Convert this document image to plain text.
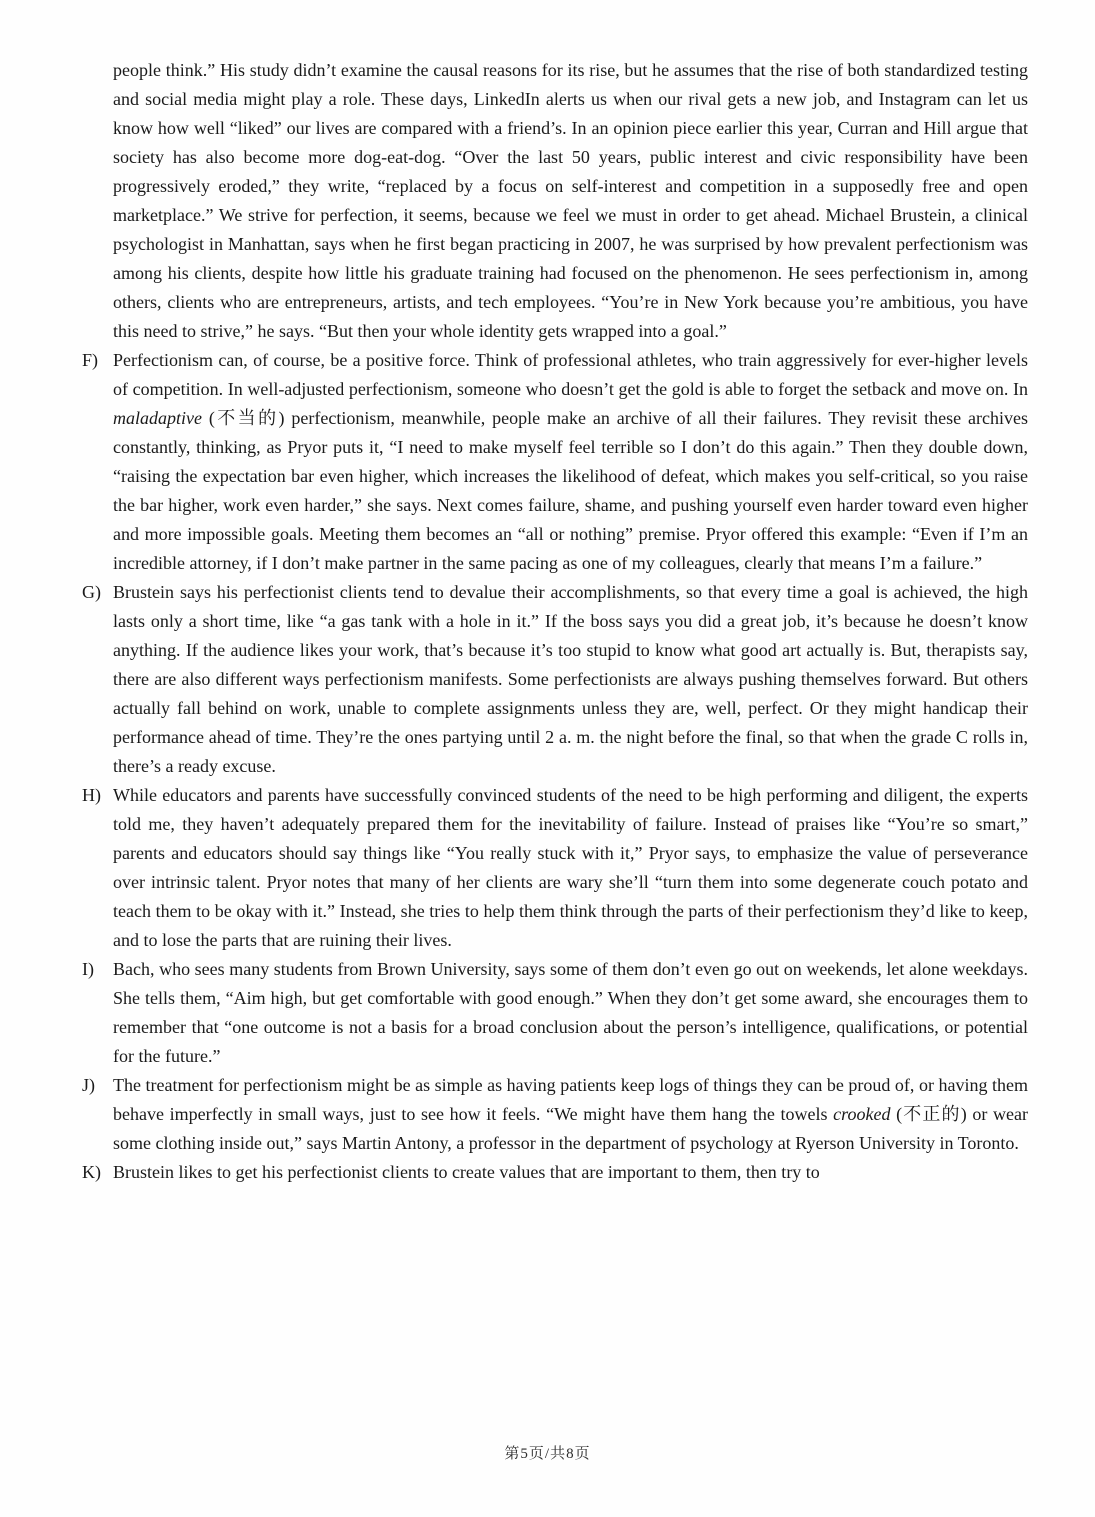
people think.” His study didn’t examine the causal reasons for its rise, but he assumes that the rise of both standardized testing and social media might play a role. These days, LinkedIn alerts us when our rival gets a new job, and Instagram can let us know how well “liked” our lives are compared with a friend’s. In an opinion piece earlier this year, Curran and Hill argue that society has also become more dog-eat-dog. “Over the last 50 years, public interest and civic responsibility have been progressively eroded,” they write, “replaced by a focus on self-interest and competition in a supposedly free and open marketplace.” We strive for perfection, it seems, because we feel we must in order to get ahead. Michael Brustein, a clinical psychologist in Manhattan, says when he first began practicing in 2007, he was surprised by how prevalent perfectionism was among his clients, despite how little his graduate training had focused on the phenomenon. He sees perfectionism in, among others, clients who are entrepreneurs, artists, and tech employees. “You’re in New York because you’re ambitious, you have this need to strive,” he says. “But then your whole identity gets wrapped into a goal.”
F) Perfectionism can, of course, be a positive force. Think of professional athletes, who train aggressively for ever-higher levels of competition. In well-adjusted perfectionism, someone who doesn’t get the gold is able to forget the setback and move on. In maladaptive (不当的) perfectionism, meanwhile, people make an archive of all their failures. They revisit these archives constantly, thinking, as Pryor puts it, “I need to make myself feel terrible so I don’t do this again.” Then they double down, “raising the expectation bar even higher, which increases the likelihood of defeat, which makes you self-critical, so you raise the bar higher, work even harder,” she says. Next comes failure, shame, and pushing yourself even harder toward even higher and more impossible goals. Meeting them becomes an “all or nothing” premise. Pryor offered this example: “Even if I’m an incredible attorney, if I don’t make partner in the same pacing as one of my colleagues, clearly that means I’m a failure.”
G) Brustein says his perfectionist clients tend to devalue their accomplishments, so that every time a goal is achieved, the high lasts only a short time, like “a gas tank with a hole in it.” If the boss says you did a great job, it’s because he doesn’t know anything. If the audience likes your work, that’s because it’s too stupid to know what good art actually is. But, therapists say, there are also different ways perfectionism manifests. Some perfectionists are always pushing themselves forward. But others actually fall behind on work, unable to complete assignments unless they are, well, perfect. Or they might handicap their performance ahead of time. They’re the ones partying until 2 a. m. the night before the final, so that when the grade C rolls in, there’s a ready excuse.
H) While educators and parents have successfully convinced students of the need to be high performing and diligent, the experts told me, they haven’t adequately prepared them for the inevitability of failure. Instead of praises like “You’re so smart,” parents and educators should say things like “You really stuck with it,” Pryor says, to emphasize the value of perseverance over intrinsic talent. Pryor notes that many of her clients are wary she’ll “turn them into some degenerate couch potato and teach them to be okay with it.” Instead, she tries to help them think through the parts of their perfectionism they’d like to keep, and to lose the parts that are ruining their lives.
I)	Bach, who sees many students from Brown University, says some of them don’t even go out on weekends, let alone weekdays. She tells them, “Aim high, but get comfortable with good enough.” When they don’t get some award, she encourages them to remember that “one outcome is not a basis for a broad conclusion about the person’s intelligence, qualifications, or potential for the future.”
J)	The treatment for perfectionism might be as simple as having patients keep logs of things they can be proud of, or having them behave imperfectly in small ways, just to see how it feels. “We might have them hang the towels crooked (不正的) or wear some clothing inside out,” says Martin Antony, a professor in the department of psychology at Ryerson University in Toronto.
K) Brustein likes to get his perfectionist clients to create values that are important to them, then try to
第5页/共8页
